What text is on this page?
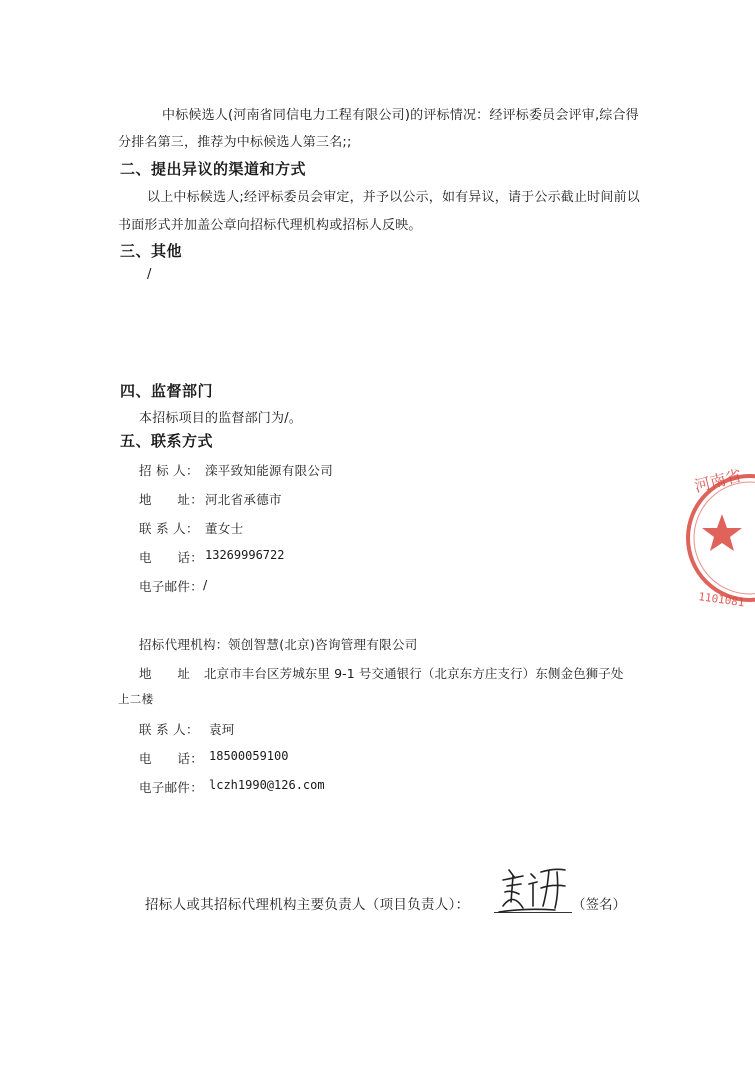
中标候选人(河南省同信电力工程有限公司)的评标情况：经评标委员会评审,综合得
分排名第三，推荐为中标候选人第三名;;
二、提出异议的渠道和方式
以上中标候选人;经评标委员会审定，并予以公示，如有异议，请于公示截止时间前以
书面形式并加盖公章向招标代理机构或招标人反映。
三、其他
/
四、监督部门
本招标项目的监督部门为/。
五、联系方式
招 标 人： 滦平致知能源有限公司
地　　址： 河北省承德市
联 系 人： 董女士
电　　话： 13269996722
电子邮件： /
招标代理机构： 领创智慧(北京)咨询管理有限公司
地　　址 北京市丰台区芳城东里 9-1 号交通银行（北京东方庄支行）东侧金色狮子处
上二楼
联 系 人： 袁珂
电　　话： 18500059100
电子邮件： lczh1990@126.com
招标人或其招标代理机构主要负责人（项目负责人）：	（签名）
河南省
1101081
